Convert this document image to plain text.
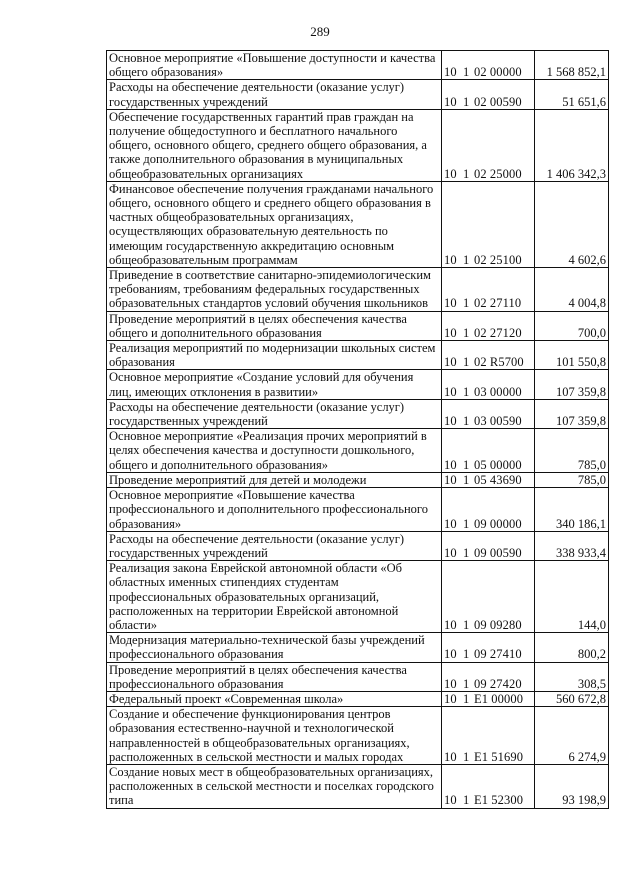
289
Основное мероприятие «Повышение доступности и качества общего образования»	10 1 02 00000	1 568 852,1
Расходы на обеспечение деятельности (оказание услуг) государственных учреждений	10 1 02 00590	51 651,6
Обеспечение государственных гарантий прав граждан на получение общедоступного и бесплатного начального общего, основного общего, среднего общего образования, а также дополнительного образования в муниципальных общеобразовательных организациях	10 1 02 25000	1 406 342,3
Финансовое обеспечение получения гражданами начального общего, основного общего и среднего общего образования в частных общеобразовательных организациях, осуществляющих образовательную деятельность по имеющим государственную аккредитацию основным общеобразовательным программам	10 1 02 25100	4 602,6
Приведение в соответствие санитарно-эпидемиологическим требованиям, требованиям федеральных государственных образовательных стандартов условий обучения школьников	10 1 02 27110	4 004,8
Проведение мероприятий в целях обеспечения качества общего и дополнительного образования	10 1 02 27120	700,0
Реализация мероприятий по модернизации школьных систем образования	10 1 02 R5700	101 550,8
Основное мероприятие «Создание условий для обучения лиц, имеющих отклонения в развитии»	10 1 03 00000	107 359,8
Расходы на обеспечение деятельности (оказание услуг) государственных учреждений	10 1 03 00590	107 359,8
Основное мероприятие «Реализация прочих мероприятий в целях обеспечения качества и доступности дошкольного, общего и дополнительного образования»	10 1 05 00000	785,0
Проведение мероприятий для детей и молодежи	10 1 05 43690	785,0
Основное мероприятие «Повышение качества профессионального и дополнительного профессионального образования»	10 1 09 00000	340 186,1
Расходы на обеспечение деятельности (оказание услуг) государственных учреждений	10 1 09 00590	338 933,4
Реализация закона Еврейской автономной области «Об областных именных стипендиях студентам профессиональных образовательных организаций, расположенных на территории Еврейской автономной области»	10 1 09 09280	144,0
Модернизация материально-технической базы учреждений профессионального образования	10 1 09 27410	800,2
Проведение мероприятий в целях обеспечения качества профессионального образования	10 1 09 27420	308,5
Федеральный проект «Современная школа»	10 1 E1 00000	560 672,8
Создание и обеспечение функционирования центров образования естественно-научной и технологической направленностей в общеобразовательных организациях, расположенных в сельской местности и малых городах	10 1 E1 51690	6 274,9
Создание новых мест в общеобразовательных организациях, расположенных в сельской местности и поселках городского типа	10 1 E1 52300	93 198,9
